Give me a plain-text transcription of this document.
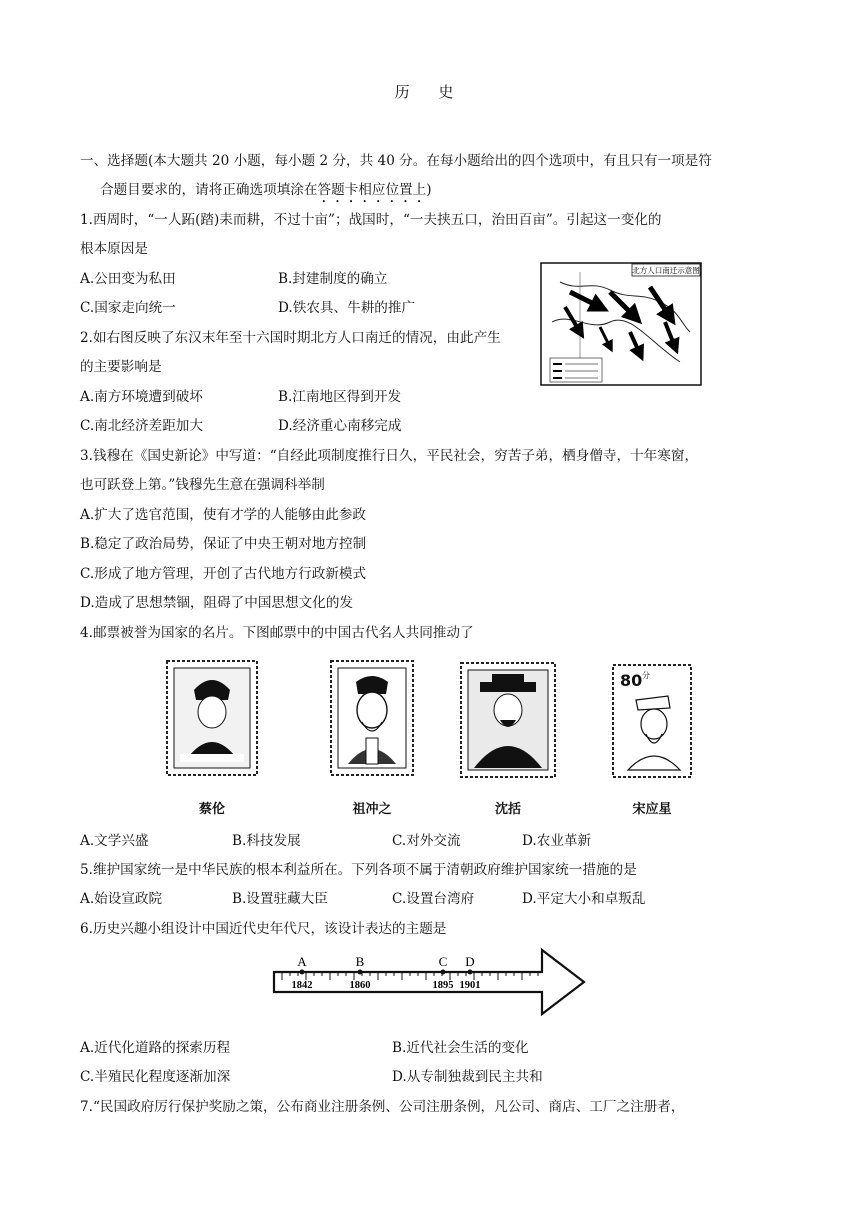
历 史
一、选择题(本大题共 20 小题，每小题 2 分，共 40 分。在每小题给出的四个选项中，有且只有一项是符
合题目要求的，请将正确选项填涂在答题卡相应位置上)
1.西周时，“一人跖(踏)耒而耕，不过十亩”；战国时，“一夫挟五口，治田百亩”。引起这一变化的
根本原因是
A.公田变为私田	B.封建制度的确立
C.国家走向统一	D.铁农具、牛耕的推广
2.如右图反映了东汉末年至十六国时期北方人口南迁的情况，由此产生
的主要影响是
A.南方环境遭到破坏	B.江南地区得到开发
C.南北经济差距加大	D.经济重心南移完成
北方人口南迁示意图
3.钱穆在《国史新论》中写道：“自经此项制度推行日久，平民社会，穷苦子弟，栖身僧寺，十年寒窗，
也可跃登上第。”钱穆先生意在强调科举制
A.扩大了选官范围，使有才学的人能够由此参政
B.稳定了政治局势，保证了中央王朝对地方控制
C.形成了地方管理，开创了古代地方行政新模式
D.造成了思想禁锢，阻碍了中国思想文化的发
4.邮票被誉为国家的名片。下图邮票中的中国古代名人共同推动了
80 分
蔡伦	祖冲之	沈括	宋应星
A.文学兴盛	B.科技发展	C.对外交流	D.农业革新
5.维护国家统一是中华民族的根本利益所在。下列各项不属于清朝政府维护国家统一措施的是
A.始设宣政院	B.设置驻藏大臣	C.设置台湾府	D.平定大小和卓叛乱
6.历史兴趣小组设计中国近代史年代尺，该设计表达的主题是
A
1842
B
1860
C
1895
D
1901
A.近代化道路的探索历程	B.近代社会生活的变化
C.半殖民化程度逐渐加深	D.从专制独裁到民主共和
7.“民国政府厉行保护奖励之策，公布商业注册条例、公司注册条例，凡公司、商店、工厂之注册者，
